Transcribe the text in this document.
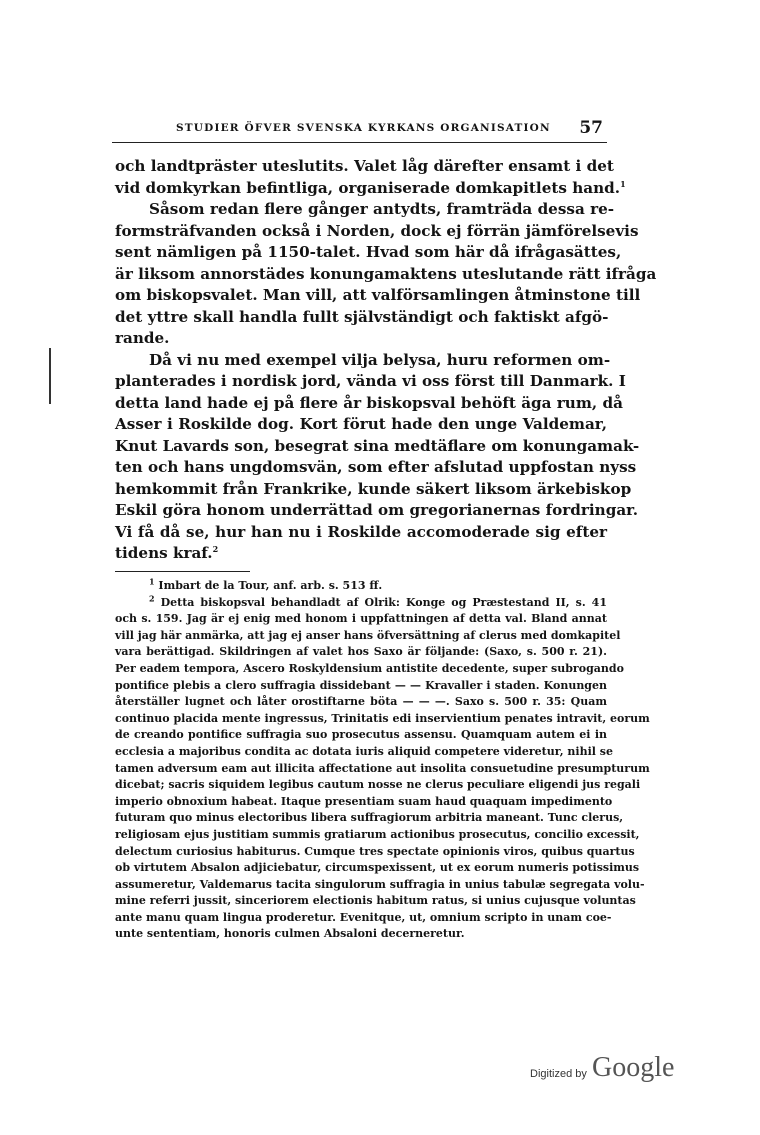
STUDIER ÖFVER SVENSKA KYRKANS ORGANISATION 57
och landtpräster uteslutits. Valet låg därefter ensamt i det
vid domkyrkan befintliga, organiserade domkapitlets hand.$^1$
Såsom redan flere gånger antydts, framträda dessa re-
formsträfvanden också i Norden, dock ej förrän jämförelsevis
sent nämligen på 1150-talet. Hvad som här då ifrågasättes,
är liksom annorstädes konungamaktens uteslutande rätt ifråga
om biskopsvalet. Man vill, att valförsamlingen åtminstone till
det yttre skall handla fullt självständigt och faktiskt afgö-
rande.
Då vi nu med exempel vilja belysa, huru reformen om-
planterades i nordisk jord, vända vi oss först till Danmark. I
detta land hade ej på flere år biskopsval behöft äga rum, då
Asser i Roskilde dog. Kort förut hade den unge Valdemar,
Knut Lavards son, besegrat sina medtäflare om konungamak-
ten och hans ungdomsvän, som efter afslutad uppfostan nyss
hemkommit från Frankrike, kunde säkert liksom ärkebiskop
Eskil göra honom underrättad om gregorianernas fordringar.
Vi få då se, hur han nu i Roskilde accomoderade sig efter
tidens kraf.$^2$
$^1$ Imbart de la Tour, anf. arb. s. 513 ff.
$^2$ Detta biskopsval behandladt af Olrik: Konge og Præstestand II, s. 41
och s. 159. Jag är ej enig med honom i uppfattningen af detta val. Bland annat
vill jag här anmärka, att jag ej anser hans öfversättning af clerus med domkapitel
vara berättigad. Skildringen af valet hos Saxo är följande: (Saxo, s. 500 r. 21).
Per eadem tempora, Ascero Roskyldensium antistite decedente, super subrogando
pontifice plebis a clero suffragia dissidebant — — Kravaller i staden. Konungen
återställer lugnet och låter orostiftarne böta — — —. Saxo s. 500 r. 35: Quam
continuo placida mente ingressus, Trinitatis edi inservientium penates intravit, eorum
de creando pontifice suffragia suo prosecutus assensu. Quamquam autem ei in
ecclesia a majoribus condita ac dotata iuris aliquid competere videretur, nihil se
tamen adversum eam aut illicita affectatione aut insolita consuetudine presumpturum
dicebat; sacris siquidem legibus cautum nosse ne clerus peculiare eligendi jus regali
imperio obnoxium habeat. Itaque presentiam suam haud quaquam impedimento
futuram quo minus electoribus libera suffragiorum arbitria maneant. Tunc clerus,
religiosam ejus justitiam summis gratiarum actionibus prosecutus, concilio excessit,
delectum curiosius habiturus. Cumque tres spectate opinionis viros, quibus quartus
ob virtutem Absalon adjiciebatur, circumspexissent, ut ex eorum numeris potissimus
assumeretur, Valdemarus tacita singulorum suffragia in unius tabulæ segregata volu-
mine referri jussit, sinceriorem electionis habitum ratus, si unius cujusque voluntas
ante manu quam lingua proderetur. Evenitque, ut, omnium scripto in unam coe-
unte sententiam, honoris culmen Absaloni decerneretur.
Digitized by Google
